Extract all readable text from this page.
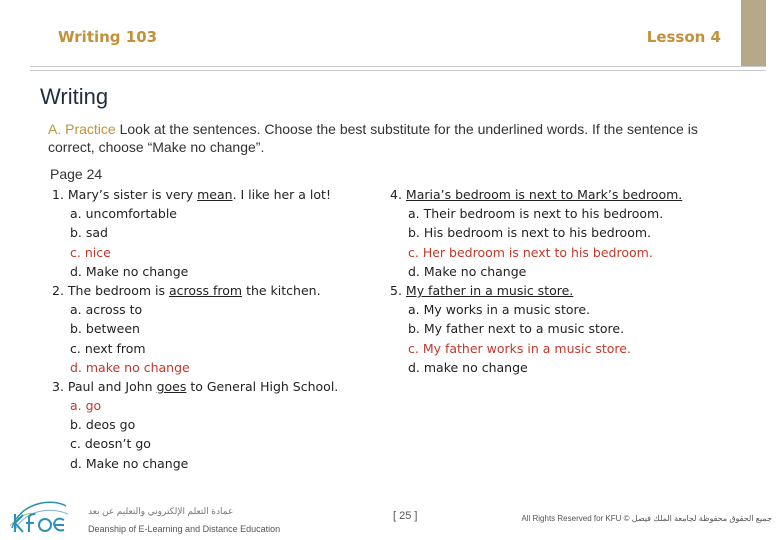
Writing 103	Lesson 4
Writing
A. Practice Look at the sentences. Choose the best substitute for the underlined words. If the sentence is correct, choose “Make no change”.
Page 24
1. Mary’s sister is very mean. I like her a lot!
a. uncomfortable
b. sad
c. nice
d. Make no change
2. The bedroom is across from the kitchen.
a. across to
b. between
c. next from
d. make no change
3. Paul and John goes to General High School.
a. go
b. deos go
c. deosn’t go
d. Make no change
4. Maria’s bedroom is next to Mark’s bedroom.
a. Their bedroom is next to his bedroom.
b. His bedroom is next to his bedroom.
c. Her bedroom is next to his bedroom.
d. Make no change
5. My father in a music store.
a. My works in a music store.
b. My father next to a music store.
c. My father works in a music store.
d. make no change
عمادة التعلم الإلكتروني والتعليم عن بعد
Deanship of E-Learning and Distance Education
[ 25 ]	All Rights Reserved for KFU © جميع الحقوق محفوظة لجامعة الملك فيصل
